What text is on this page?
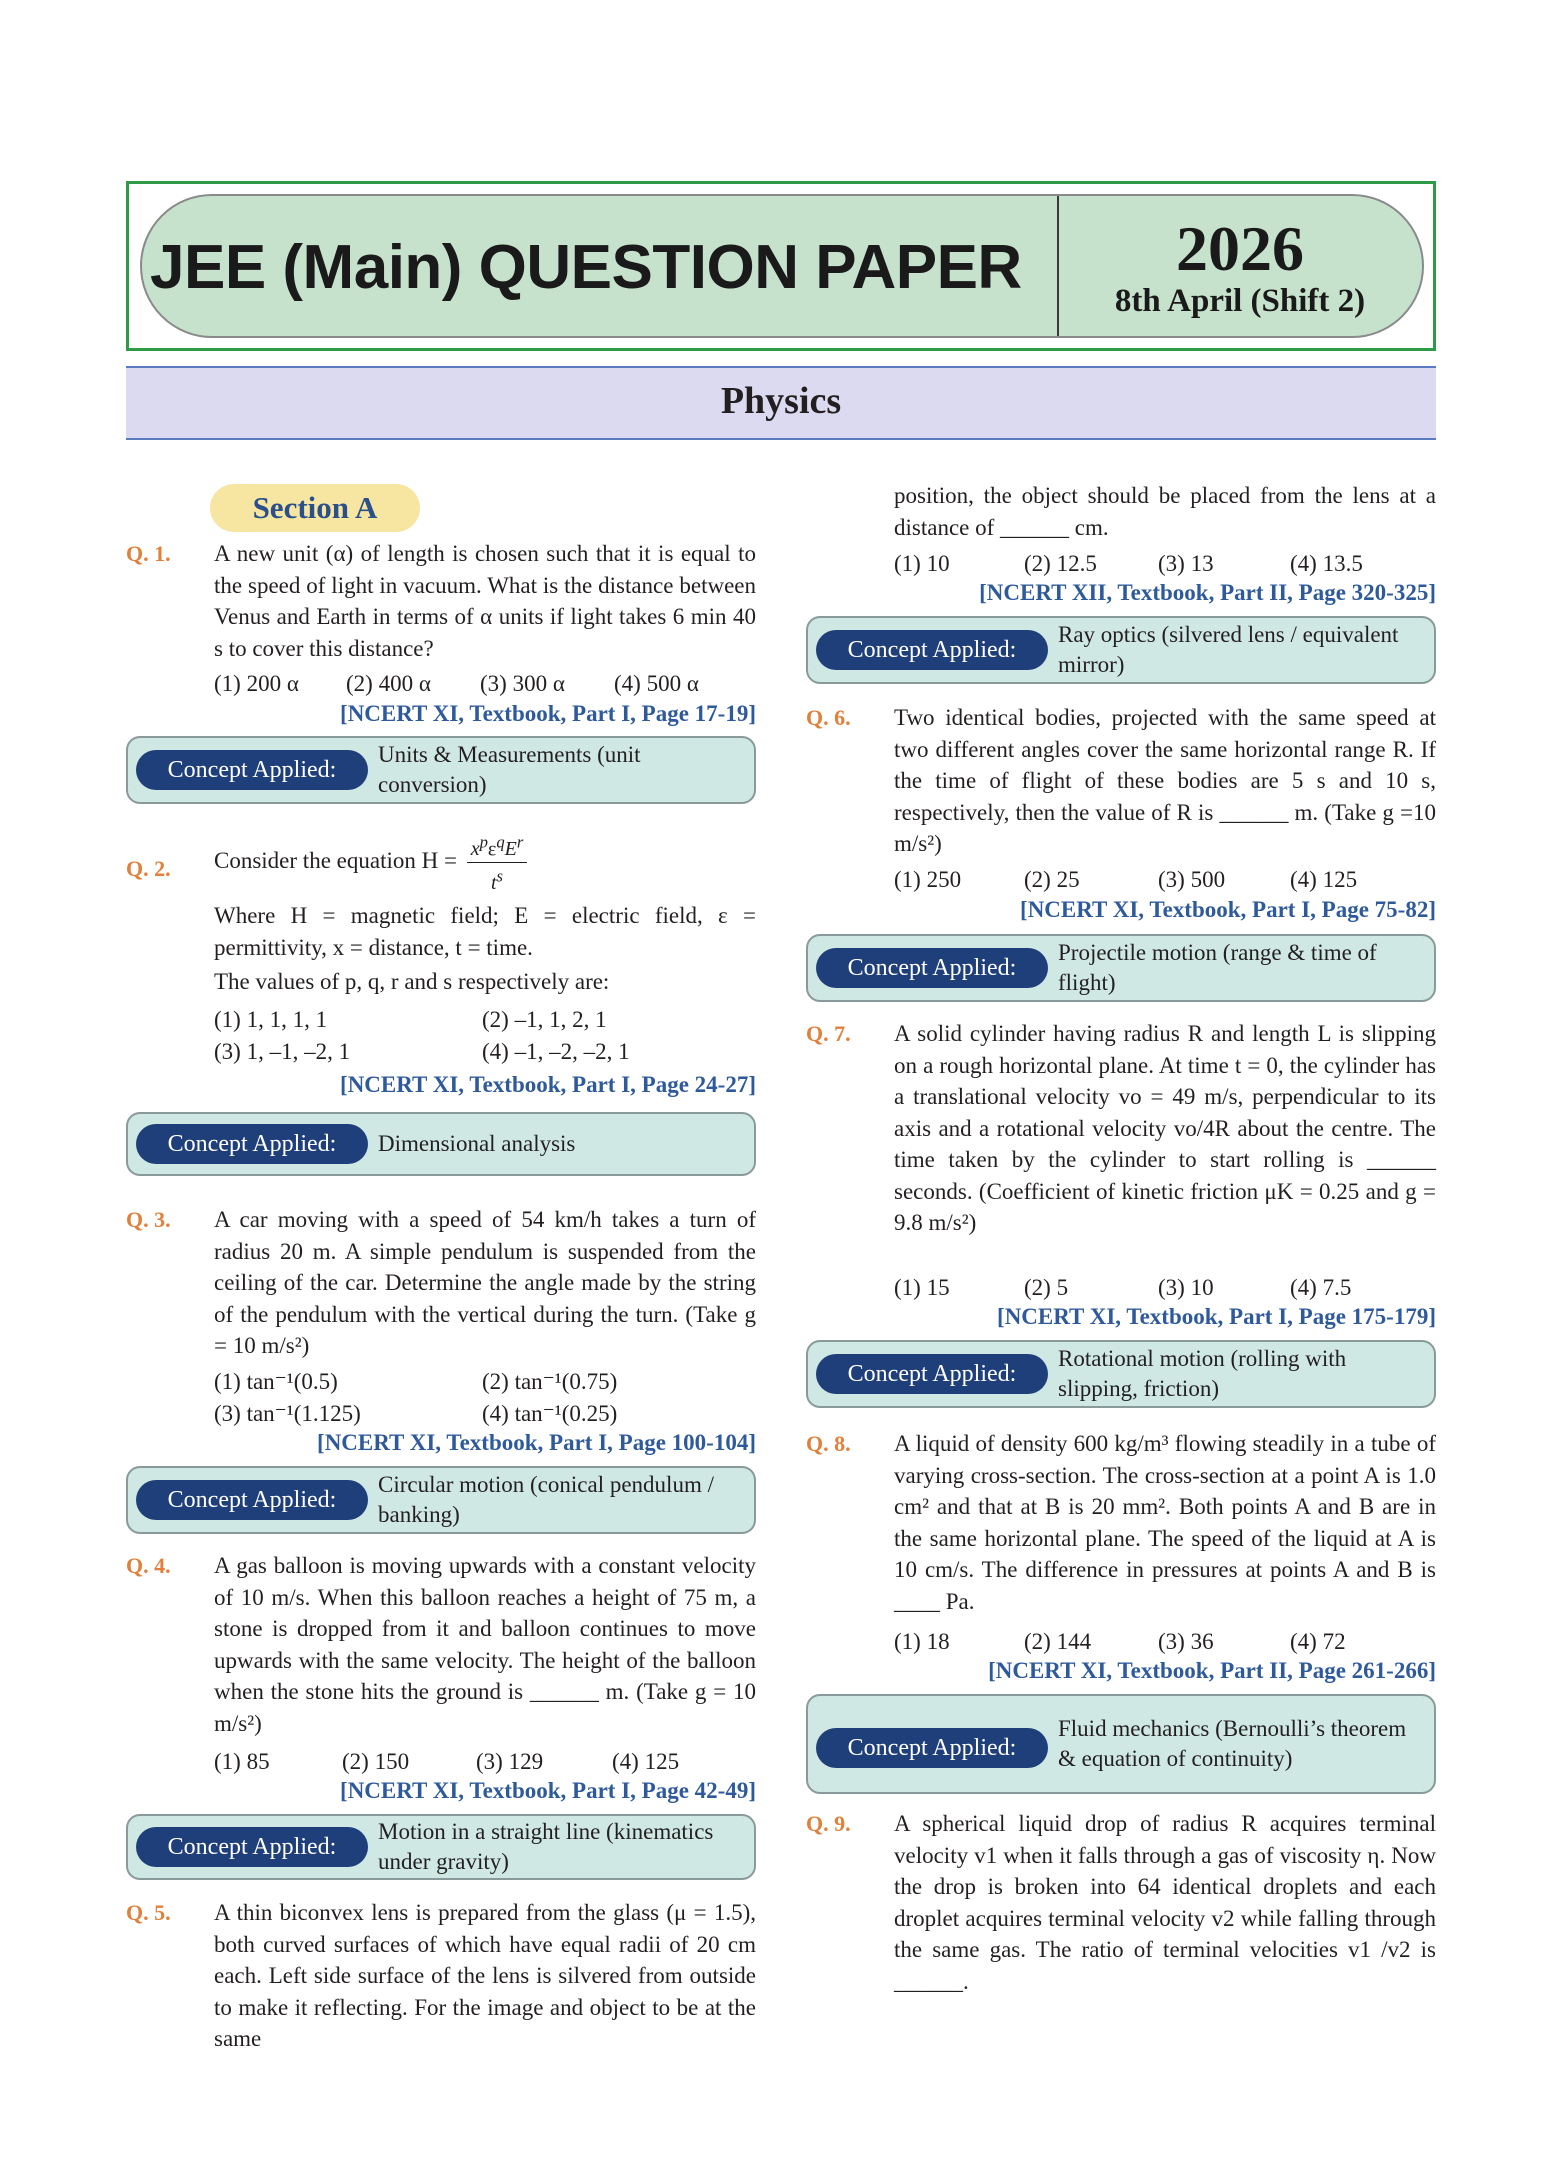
JEE (Main) QUESTION PAPER	2026
8th April (Shift 2)
Physics
Section A
Q. 1. A new unit (α) of length is chosen such that it is equal to the speed of light in vacuum. What is the distance between Venus and Earth in terms of α units if light takes 6 min 40 s to cover this distance?
(1) 200 α (2) 400 α (3) 300 α (4) 500 α
[NCERT XI, Textbook, Part I, Page 17-19]
Concept Applied:
Units & Measurements (unit conversion)
Q. 2. Consider the equation $H = \frac{x^p\varepsilon^qE^r}{t^s}$
Where H = magnetic field; E = electric field, ε = permittivity, x = distance, t = time.
The values of p, q, r and s respectively are:
(1) 1, 1, 1, 1	(2) –1, 1, 2, 1
(3) 1, –1, –2, 1	(4) –1, –2, –2, 1
[NCERT XI, Textbook, Part I, Page 24-27]
Concept Applied:	Dimensional analysis
Q. 3. A car moving with a speed of 54 km/h takes a turn of radius 20 m. A simple pendulum is suspended from the ceiling of the car. Determine the angle made by the string of the pendulum with the vertical during the turn. (Take g = 10 m/s²)
(1) tan⁻¹(0.5)	(2) tan⁻¹(0.75)
(3) tan⁻¹(1.125)	(4) tan⁻¹(0.25)
[NCERT XI, Textbook, Part I, Page 100-104]
Concept Applied:
Circular motion (conical pendulum / banking)
Q. 4. A gas balloon is moving upwards with a constant velocity of 10 m/s. When this balloon reaches a height of 75 m, a stone is dropped from it and balloon continues to move upwards with the same velocity. The height of the balloon when the stone hits the ground is ______ m. (Take g = 10 m/s²)
(1) 85	(2) 150	(3) 129	(4) 125
[NCERT XI, Textbook, Part I, Page 42-49]
Concept Applied:
Motion in a straight line (kinematics under gravity)
Q. 5. A thin biconvex lens is prepared from the glass (μ = 1.5), both curved surfaces of which have equal radii of 20 cm each. Left side surface of the lens is silvered from outside to make it reflecting. For the image and object to be at the same
position, the object should be placed from the lens at a distance of ______ cm.
(1) 10	(2) 12.5	(3) 13	(4) 13.5
[NCERT XII, Textbook, Part II, Page 320-325]
Concept Applied:
Ray optics (silvered lens / equivalent mirror)
Q. 6. Two identical bodies, projected with the same speed at two different angles cover the same horizontal range R. If the time of flight of these bodies are 5 s and 10 s, respectively, then the value of R is ______ m. (Take g =10 m/s²)
(1) 250	(2) 25	(3) 500	(4) 125
[NCERT XI, Textbook, Part I, Page 75-82]
Concept Applied:
Projectile motion (range & time of flight)
Q. 7. A solid cylinder having radius R and length L is slipping on a rough horizontal plane. At time t = 0, the cylinder has a translational velocity vo = 49 m/s, perpendicular to its axis and a rotational velocity vo/4R about the centre. The time taken by the cylinder to start rolling is ______ seconds. (Coefficient of kinetic friction μK = 0.25 and g = 9.8 m/s²)
(1) 15	(2) 5	(3) 10	(4) 7.5
[NCERT XI, Textbook, Part I, Page 175-179]
Concept Applied:
Rotational motion (rolling with slipping, friction)
Q. 8. A liquid of density 600 kg/m³ flowing steadily in a tube of varying cross-section. The cross-section at a point A is 1.0 cm² and that at B is 20 mm². Both points A and B are in the same horizontal plane. The speed of the liquid at A is 10 cm/s. The difference in pressures at points A and B is ____ Pa.
(1) 18	(2) 144	(3) 36	(4) 72
[NCERT XI, Textbook, Part II, Page 261-266]
Concept Applied:
Fluid mechanics (Bernoulli’s theorem & equation of continuity)
Q. 9. A spherical liquid drop of radius R acquires terminal velocity v1 when it falls through a gas of viscosity η. Now the drop is broken into 64 identical droplets and each droplet acquires terminal velocity v2 while falling through the same gas. The ratio of terminal velocities v1 /v2 is ______.
